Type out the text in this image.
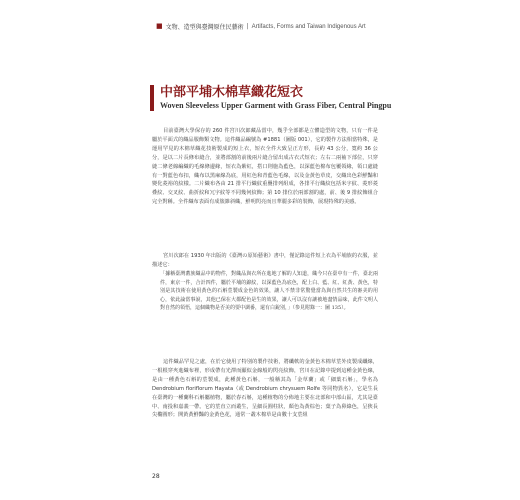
■ 文物、造型與臺灣原住民藝術 | Artifacts, Forms and Taiwan Indigenous Art
中部平埔木棉草織花短衣
Woven Sleeveless Upper Garment with Grass Fiber, Central Pingpu

目前臺灣大學保存的 260 件宮川次郎藏品當中，幾乎全部都是立體造型的文物，只有一件是屬於平面式的織品服飾類文物。這件織品編號為 #1881（圖版 001），它的製作方法相當特殊，是運用罕見的木棉草織花技術製成的短上衣，短衣全件大致呈正方形，長約 43 公分，寬約 36 公分，是以二片長條布縫合，並將部割的前後兩片縫合留出成古衣式短衣；左右二兩袖下部位，只穿縫二條老線編織的毛線條邊緣，短衣為紫紅，搭口則施為藍色，以深藍色棉布包覆領緣，領口處縫有一對藍色布扣，織布以黑麻線為底，用紅色和青藍色毛線，以及金黃色草皮，交織出色彩鮮豔和變化菱裕的紋樣。二片織布各由 21 排平行織紋重疊排列組成，各排平行織紋包括米字紋、菱形菱叠紋、交叉紋、曲折紋和冗字紋等不同幾何紋飾；第 10 排位於兩部割的處，前、後 9 排紋飾組合完全對稱。全件織布表面有成簇雜斜織，鮮明閃亮而且華麗多彩的裝飾，展現特殊的美感。

宮川次郎在 1930 年出版的《臺灣の原始藝術》書中，僅記錄這件短上衣為平埔族的衣服，並描述它：

「據稱臺灣蕃族織品中的物件，對織品與衣所在進地了解的人知道，織今只在臺中有一件，臺北兩件，東京一件，合計四件，屬於平埔的錦紋，以深藍色為底色，配上白、藍、紅、紅黃、黃色，特別是其技術在使用黃色的石斛莖製成金色的效果，讓人不禁非常驚覺當為與自然共生的審美的用心，依此論當事說，其他已保在大都配色是生的效果，讓人可以沒有讓被地盡情品味，此件文明人對自然的領悟，這個織物是否美的要中調番，還有白銳別，」（参見附錄一：圖 135）。

這件織品罕見之處，在於它使用了特別的製作技術，將纖軟的金黃色木棉草莖外皮製成纖線，一根根穿夾進織布裡，形成帶有光澤而顯似金線般的閃亮紋飾，宮川在記錄中提到這種金黃色線，是由一種黃色石斛的莖製成，此種黃色石斛，一般稱其為「金草蘭」或「細葉石斛」，學名為 Dendrobium floriflorum Hayata（或 Dendrobium chrysuem Rolfe 等同物異名），它是生長在臺灣的一種蘭科石斛屬植物，屬於春石斛，這種植物的分佈地主要在北部和中部山區，尤其是臺中、南投和嘉義一帶。它的莖直立而叢生，呈細長圓柱狀，顏色為黃棕色；葉子為鼻綠色，呈狹長尖橢圓形；開黃黃鮮豔的金黃色花，通常一叢木棉草是由數十支莖組

28
